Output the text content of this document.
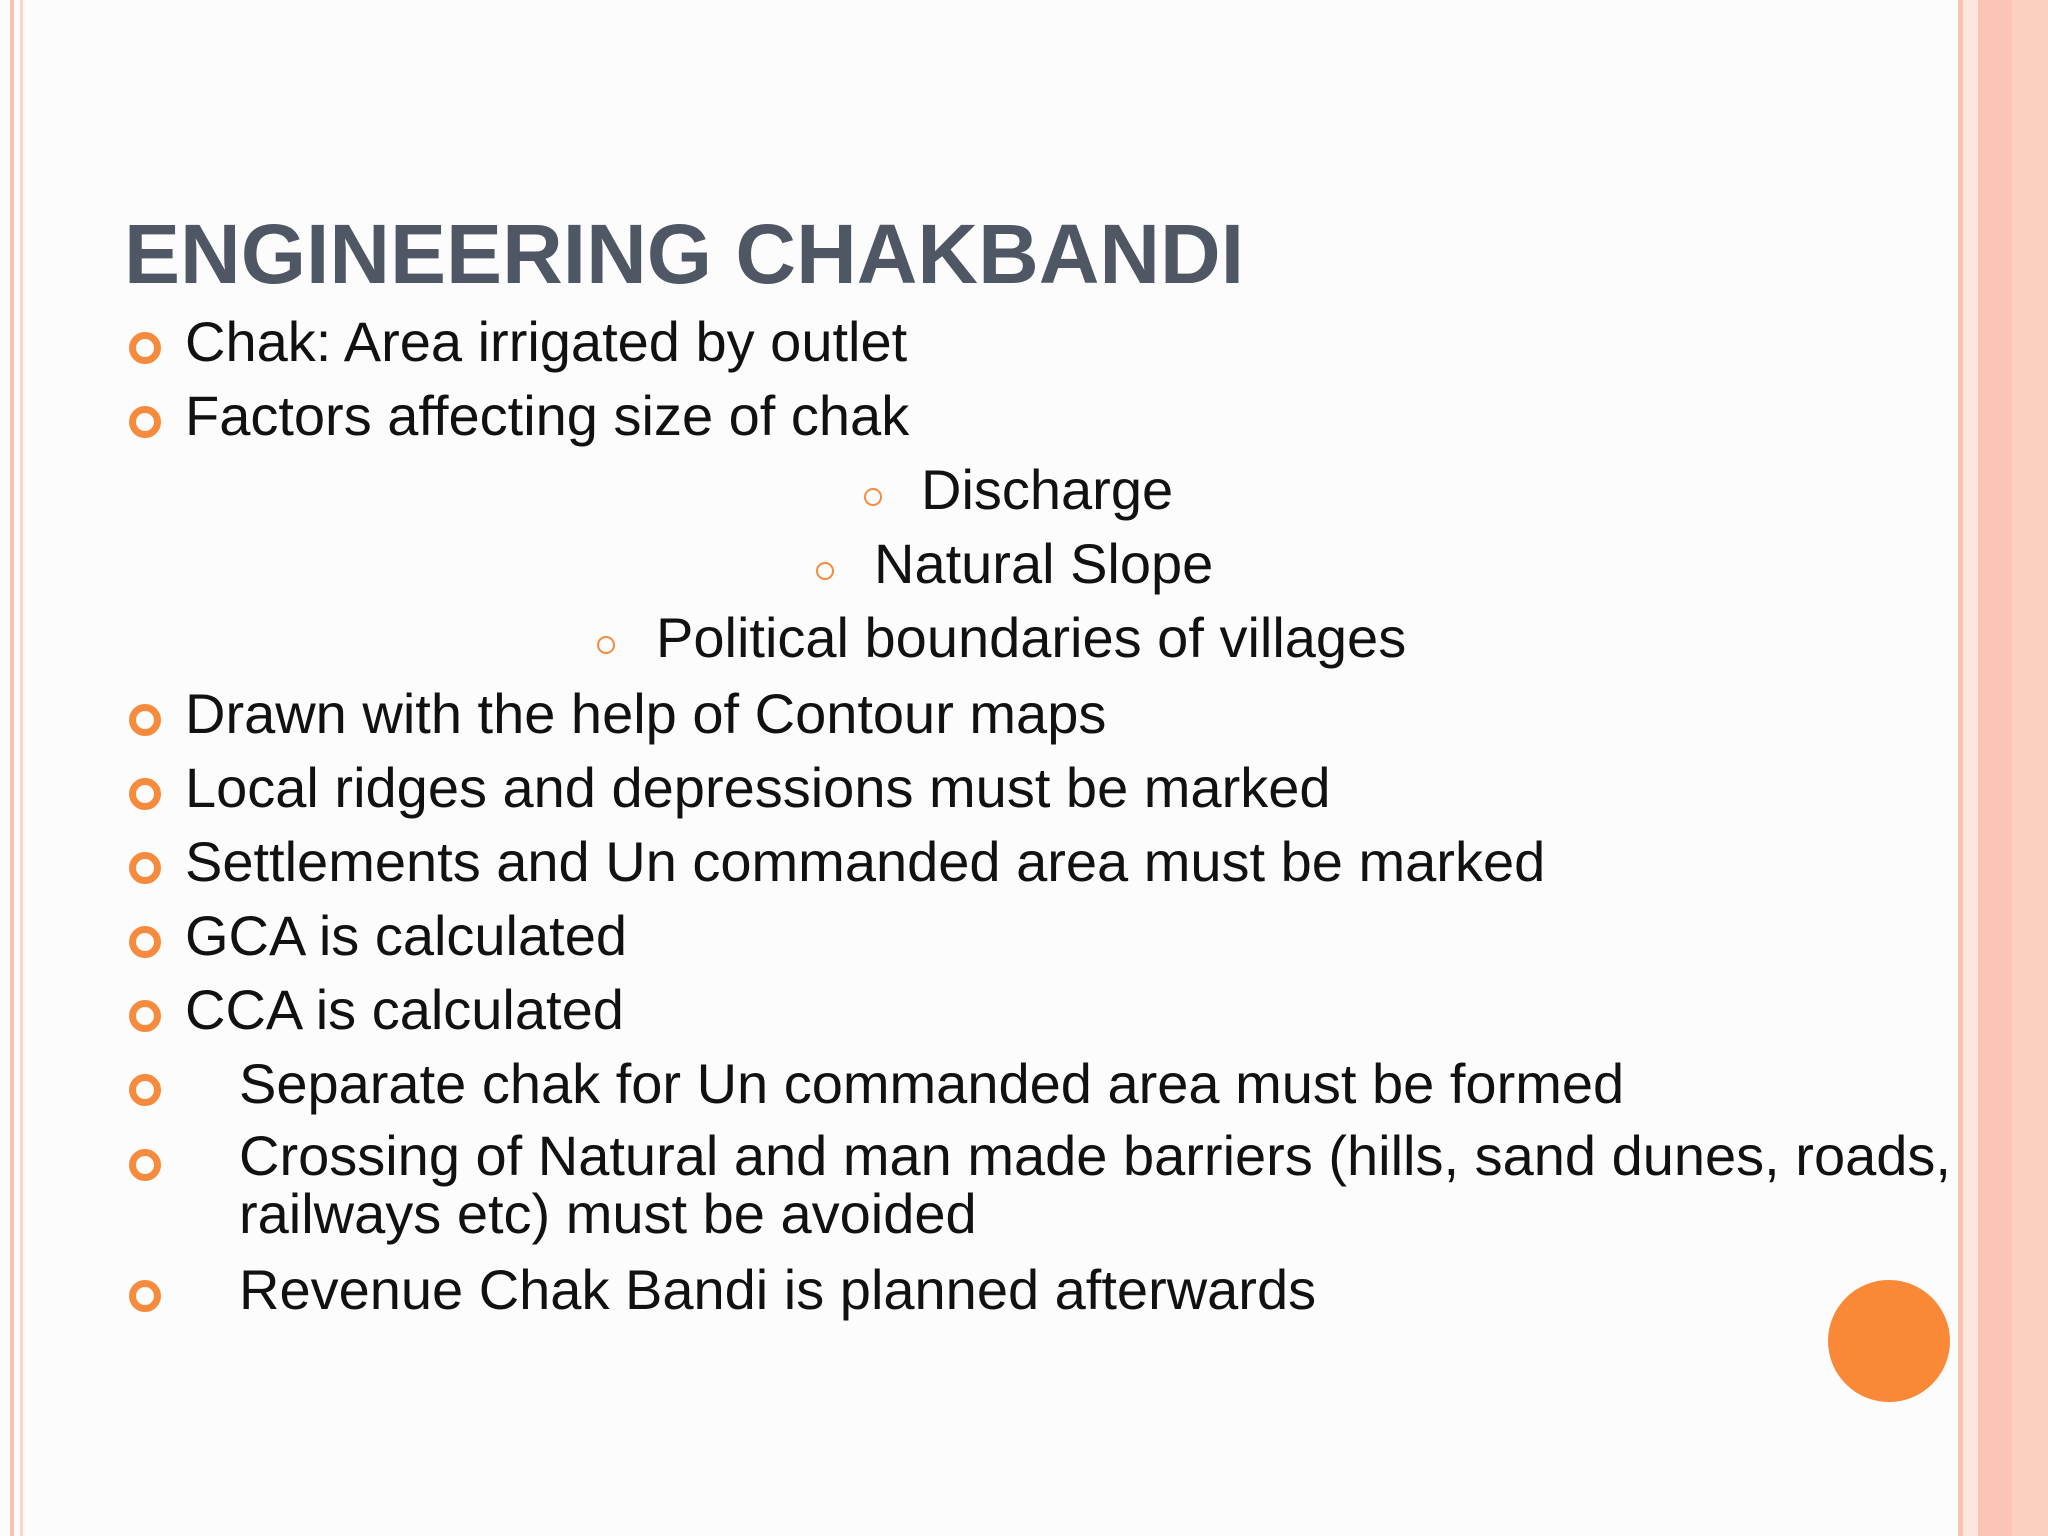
ENGINEERING CHAKBANDI
Chak: Area irrigated by outlet
Factors affecting size of chak
Discharge
Natural Slope
Political boundaries of villages
Drawn with the help of Contour maps
Local ridges and depressions must be marked
Settlements and Un commanded area must be marked
GCA is calculated
CCA is calculated
Separate chak for Un commanded area must be formed
Crossing of Natural and man made barriers (hills, sand dunes, roads, railways etc) must be avoided
Revenue Chak Bandi is planned afterwards
